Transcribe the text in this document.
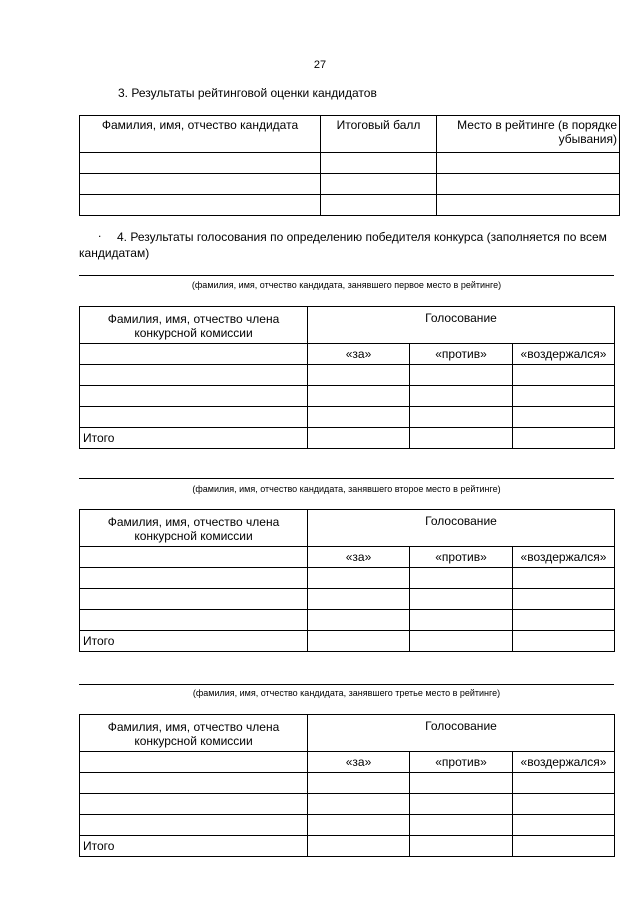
27
3. Результаты рейтинговой оценки кандидатов
Фамилия, имя, отчество кандидата	Итоговый балл	Место в рейтинге (в порядке убывания)

.	4. Результаты голосования по определению победителя конкурса (заполняется по всем кандидатам)
(фамилия, имя, отчество кандидата, занявшего первое место в рейтинге)
Фамилия, имя, отчество члена конкурсной комиссии	Голосование		
	«за»	«против»	«воздержался»

Итого			
(фамилия, имя, отчество кандидата, занявшего второе место в рейтинге)
Фамилия, имя, отчество члена конкурсной комиссии	Голосование		
	«за»	«против»	«воздержался»

Итого			
(фамилия, имя, отчество кандидата, занявшего третье место в рейтинге)
Фамилия, имя, отчество члена конкурсной комиссии	Голосование		
	«за»	«против»	«воздержался»

Итого			
